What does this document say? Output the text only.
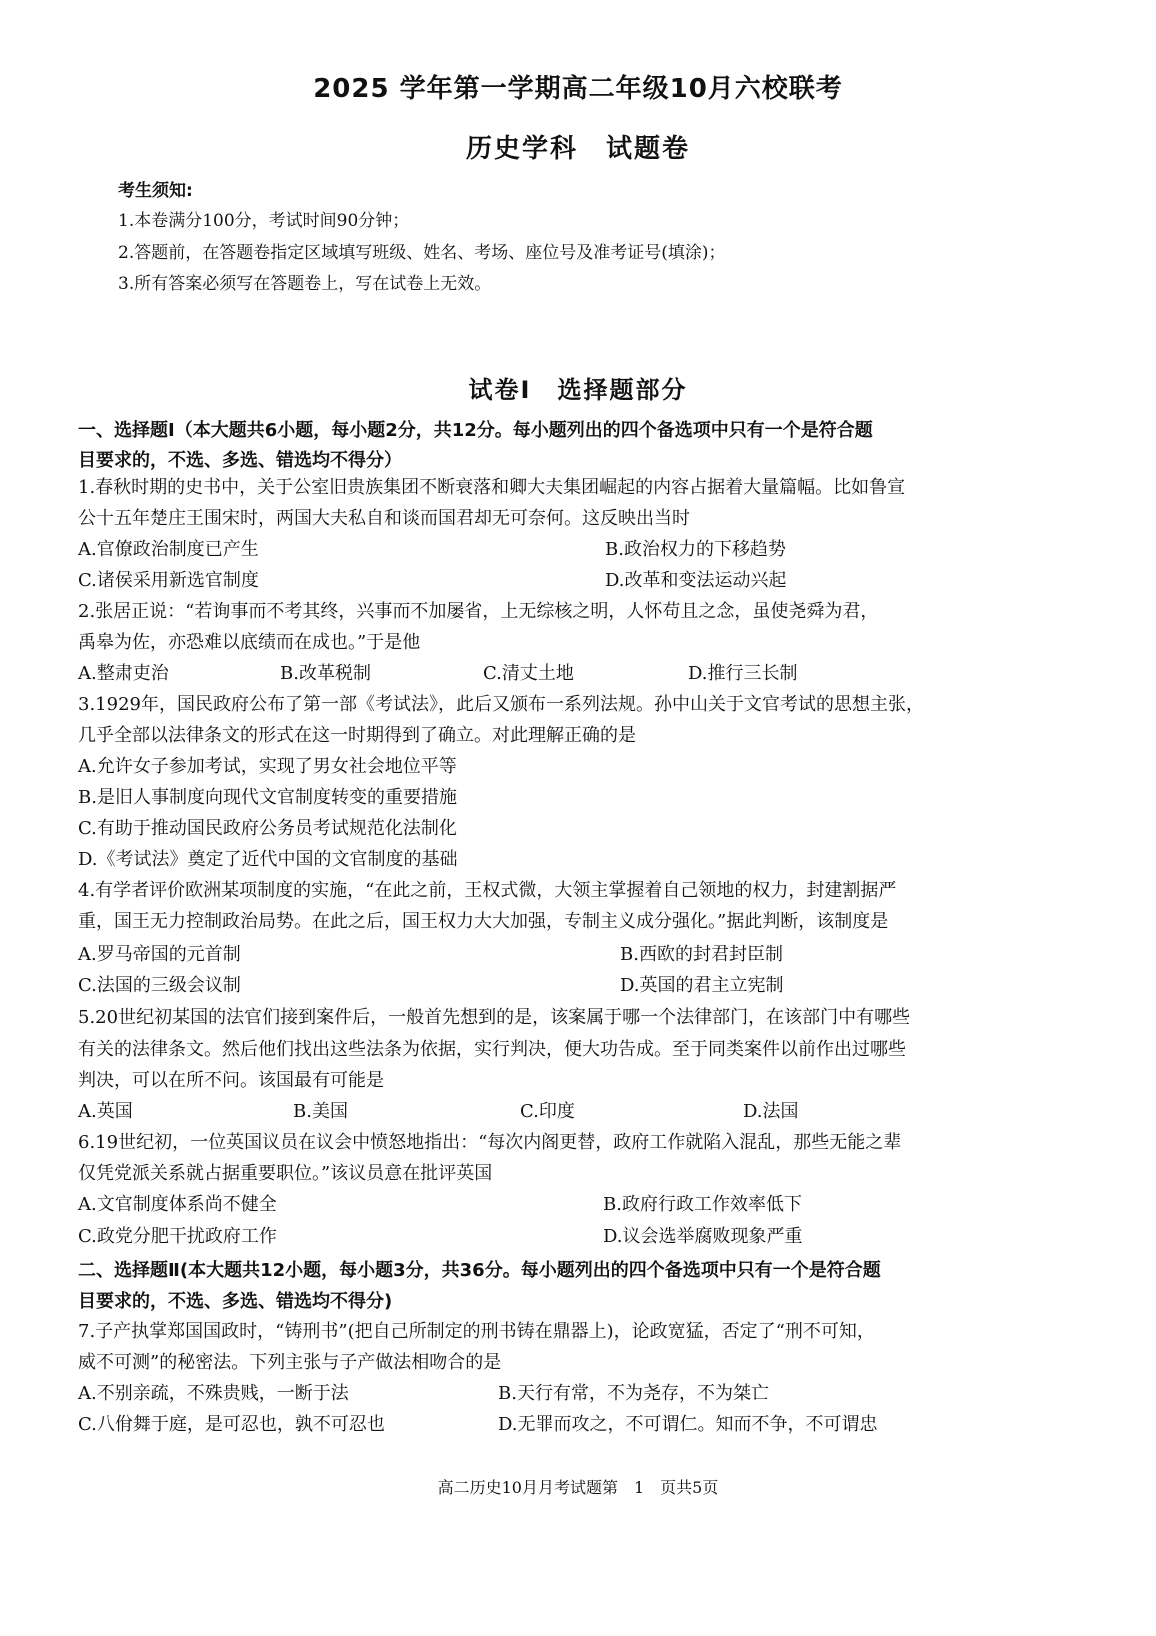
2025 学年第一学期高二年级10月六校联考
历史学科　试题卷
考生须知:
1.本卷满分100分，考试时间90分钟；
2.答题前，在答题卷指定区域填写班级、姓名、考场、座位号及准考证号(填涂)；
3.所有答案必须写在答题卷上，写在试卷上无效。
试卷Ⅰ　选择题部分
一、选择题Ⅰ（本大题共6小题，每小题2分，共12分。每小题列出的四个备选项中只有一个是符合题
目要求的，不选、多选、错选均不得分）
1.春秋时期的史书中，关于公室旧贵族集团不断衰落和卿大夫集团崛起的内容占据着大量篇幅。比如鲁宣
公十五年楚庄王围宋时，两国大夫私自和谈而国君却无可奈何。这反映出当时
A.官僚政治制度已产生	B.政治权力的下移趋势
C.诸侯采用新选官制度	D.改革和变法运动兴起
2.张居正说：“若询事而不考其终，兴事而不加屡省，上无综核之明，人怀苟且之念，虽使尧舜为君，
禹皋为佐，亦恐难以底绩而在成也。”于是他
A.整肃吏治	B.改革税制	C.清丈土地	D.推行三长制
3.1929年，国民政府公布了第一部《考试法》，此后又颁布一系列法规。孙中山关于文官考试的思想主张，
几乎全部以法律条文的形式在这一时期得到了确立。对此理解正确的是
A.允许女子参加考试，实现了男女社会地位平等
B.是旧人事制度向现代文官制度转变的重要措施
C.有助于推动国民政府公务员考试规范化法制化
D.《考试法》奠定了近代中国的文官制度的基础
4.有学者评价欧洲某项制度的实施，“在此之前，王权式微，大领主掌握着自己领地的权力，封建割据严
重，国王无力控制政治局势。在此之后，国王权力大大加强，专制主义成分强化。”据此判断，该制度是
A.罗马帝国的元首制	B.西欧的封君封臣制
C.法国的三级会议制	D.英国的君主立宪制
5.20世纪初某国的法官们接到案件后，一般首先想到的是，该案属于哪一个法律部门，在该部门中有哪些
有关的法律条文。然后他们找出这些法条为依据，实行判决，便大功告成。至于同类案件以前作出过哪些
判决，可以在所不问。该国最有可能是
A.英国	B.美国	C.印度	D.法国
6.19世纪初，一位英国议员在议会中愤怒地指出：“每次内阁更替，政府工作就陷入混乱，那些无能之辈
仅凭党派关系就占据重要职位。”该议员意在批评英国
A.文官制度体系尚不健全	B.政府行政工作效率低下
C.政党分肥干扰政府工作	D.议会选举腐败现象严重
二、选择题Ⅱ(本大题共12小题，每小题3分，共36分。每小题列出的四个备选项中只有一个是符合题
目要求的，不选、多选、错选均不得分)
7.子产执掌郑国国政时，“铸刑书”(把自己所制定的刑书铸在鼎器上)，论政宽猛，否定了“刑不可知，
威不可测”的秘密法。下列主张与子产做法相吻合的是
A.不别亲疏，不殊贵贱，一断于法	B.天行有常，不为尧存，不为桀亡
C.八佾舞于庭，是可忍也，孰不可忍也	D.无罪而攻之，不可谓仁。知而不争，不可谓忠
高二历史10月月考试题第　1　页共5页
